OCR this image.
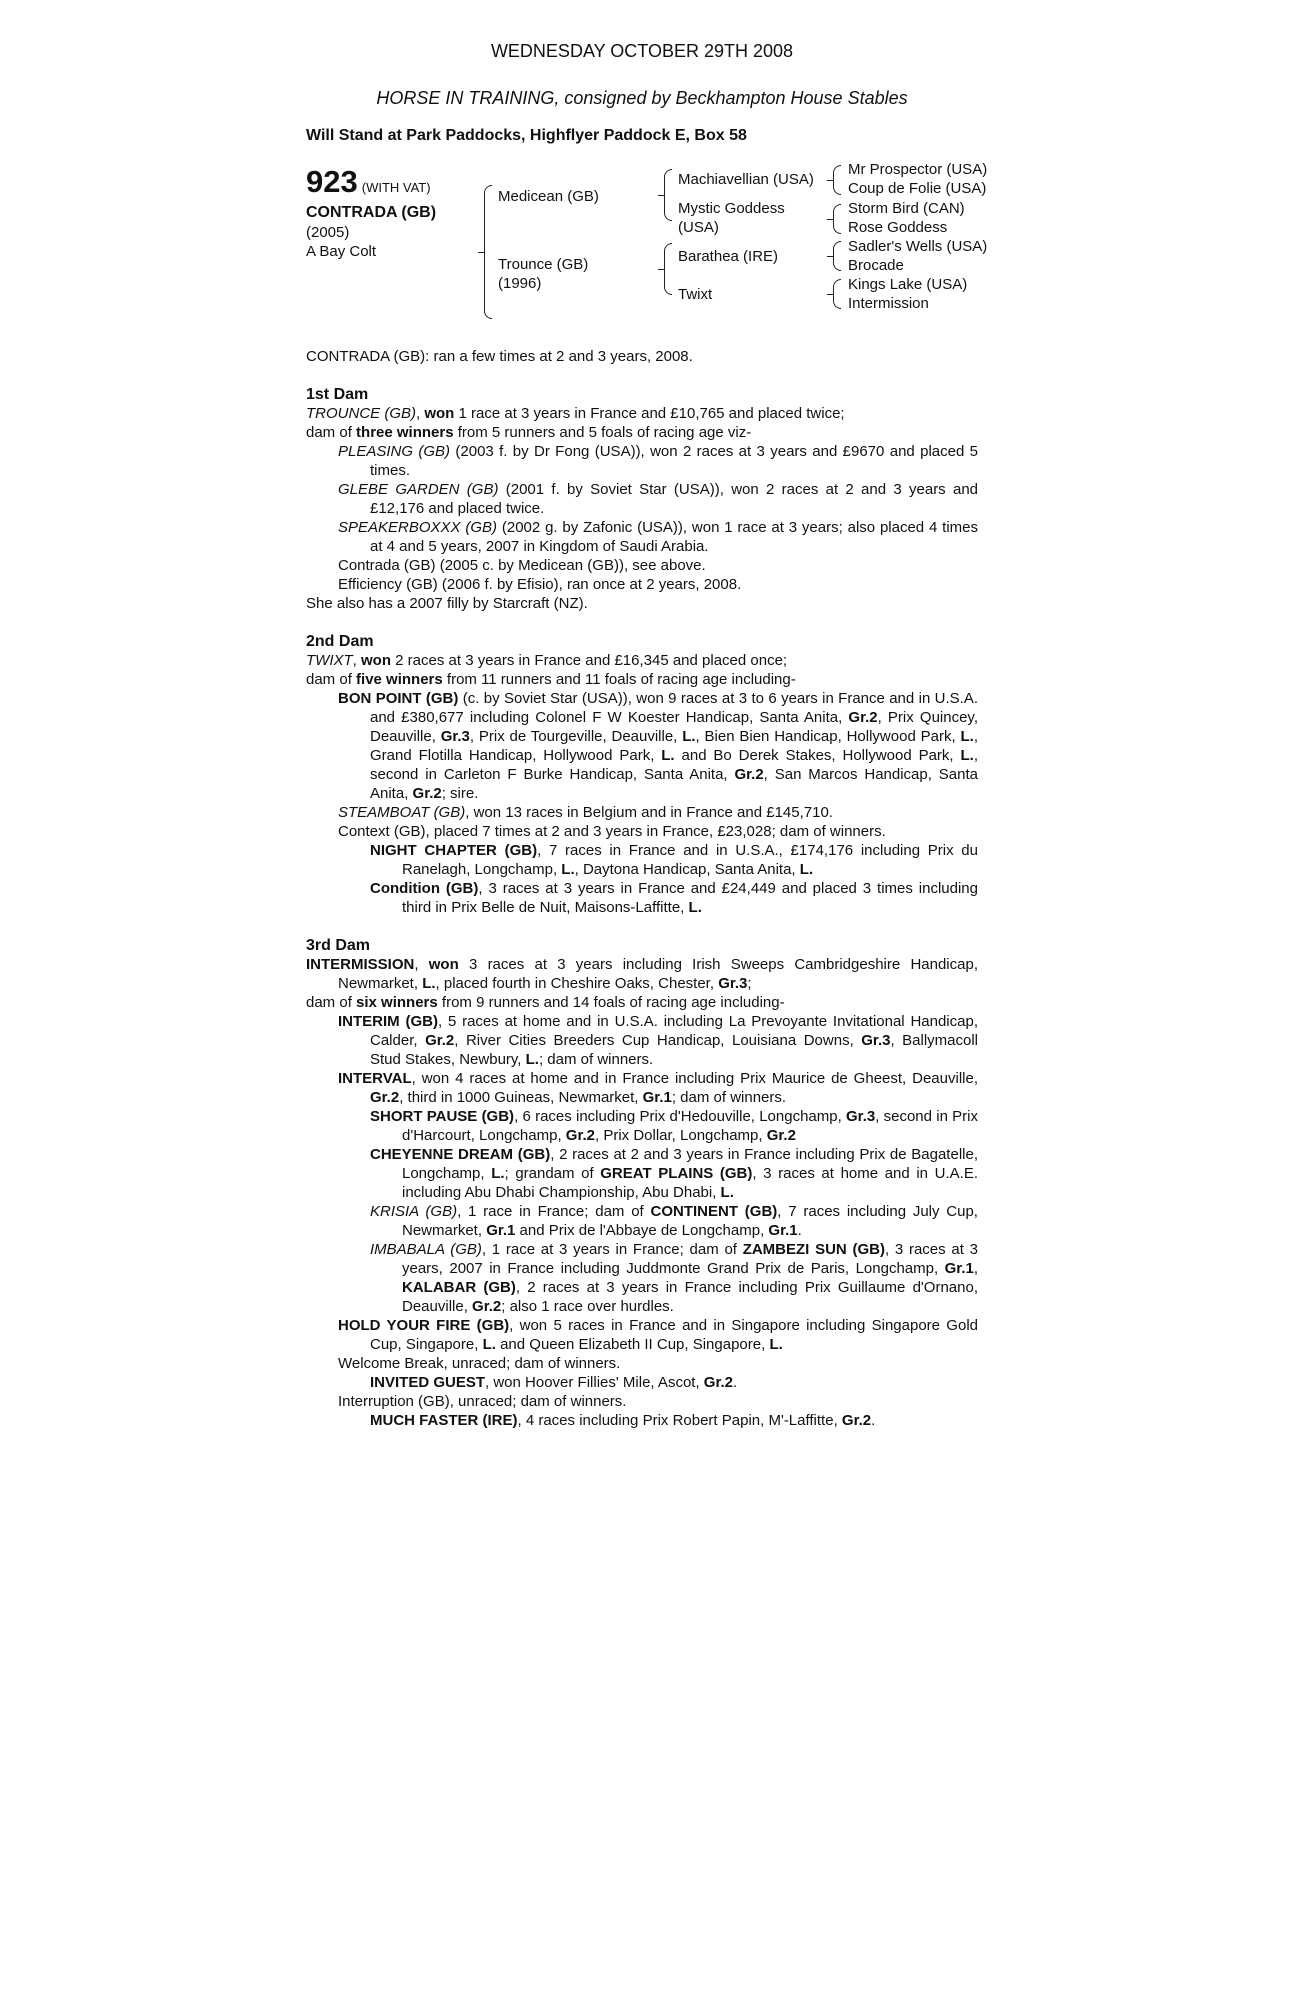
WEDNESDAY OCTOBER 29TH 2008
HORSE IN TRAINING, consigned by Beckhampton House Stables
Will Stand at Park Paddocks, Highflyer Paddock E, Box 58
923 (WITH VAT)
CONTRADA (GB)
(2005)
A Bay Colt
Medicean (GB)
Trounce (GB)
(1996)
Machiavellian (USA)
Mystic Goddess
(USA)
Barathea (IRE)
Twixt
Mr Prospector (USA)
Coup de Folie (USA)
Storm Bird (CAN)
Rose Goddess
Sadler's Wells (USA)
Brocade
Kings Lake (USA)
Intermission
CONTRADA (GB): ran a few times at 2 and 3 years, 2008.
1st Dam
TROUNCE (GB), won 1 race at 3 years in France and £10,765 and placed twice;
dam of three winners from 5 runners and 5 foals of racing age viz-
PLEASING (GB) (2003 f. by Dr Fong (USA)), won 2 races at 3 years and £9670 and placed 5 times.
GLEBE GARDEN (GB) (2001 f. by Soviet Star (USA)), won 2 races at 2 and 3 years and £12,176 and placed twice.
SPEAKERBOXXX (GB) (2002 g. by Zafonic (USA)), won 1 race at 3 years; also placed 4 times at 4 and 5 years, 2007 in Kingdom of Saudi Arabia.
Contrada (GB) (2005 c. by Medicean (GB)), see above.
Efficiency (GB) (2006 f. by Efisio), ran once at 2 years, 2008.
She also has a 2007 filly by Starcraft (NZ).
2nd Dam
TWIXT, won 2 races at 3 years in France and £16,345 and placed once;
dam of five winners from 11 runners and 11 foals of racing age including-
BON POINT (GB) (c. by Soviet Star (USA)), won 9 races at 3 to 6 years in France and in U.S.A. and £380,677 including Colonel F W Koester Handicap, Santa Anita, Gr.2, Prix Quincey, Deauville, Gr.3, Prix de Tourgeville, Deauville, L., Bien Bien Handicap, Hollywood Park, L., Grand Flotilla Handicap, Hollywood Park, L. and Bo Derek Stakes, Hollywood Park, L., second in Carleton F Burke Handicap, Santa Anita, Gr.2, San Marcos Handicap, Santa Anita, Gr.2; sire.
STEAMBOAT (GB), won 13 races in Belgium and in France and £145,710.
Context (GB), placed 7 times at 2 and 3 years in France, £23,028; dam of winners.
NIGHT CHAPTER (GB), 7 races in France and in U.S.A., £174,176 including Prix du Ranelagh, Longchamp, L., Daytona Handicap, Santa Anita, L.
Condition (GB), 3 races at 3 years in France and £24,449 and placed 3 times including third in Prix Belle de Nuit, Maisons-Laffitte, L.
3rd Dam
INTERMISSION, won 3 races at 3 years including Irish Sweeps Cambridgeshire Handicap, Newmarket, L., placed fourth in Cheshire Oaks, Chester, Gr.3;
dam of six winners from 9 runners and 14 foals of racing age including-
INTERIM (GB), 5 races at home and in U.S.A. including La Prevoyante Invitational Handicap, Calder, Gr.2, River Cities Breeders Cup Handicap, Louisiana Downs, Gr.3, Ballymacoll Stud Stakes, Newbury, L.; dam of winners.
INTERVAL, won 4 races at home and in France including Prix Maurice de Gheest, Deauville, Gr.2, third in 1000 Guineas, Newmarket, Gr.1; dam of winners.
SHORT PAUSE (GB), 6 races including Prix d'Hedouville, Longchamp, Gr.3, second in Prix d'Harcourt, Longchamp, Gr.2, Prix Dollar, Longchamp, Gr.2
CHEYENNE DREAM (GB), 2 races at 2 and 3 years in France including Prix de Bagatelle, Longchamp, L.; grandam of GREAT PLAINS (GB), 3 races at home and in U.A.E. including Abu Dhabi Championship, Abu Dhabi, L.
KRISIA (GB), 1 race in France; dam of CONTINENT (GB), 7 races including July Cup, Newmarket, Gr.1 and Prix de l'Abbaye de Longchamp, Gr.1.
IMBABALA (GB), 1 race at 3 years in France; dam of ZAMBEZI SUN (GB), 3 races at 3 years, 2007 in France including Juddmonte Grand Prix de Paris, Longchamp, Gr.1, KALABAR (GB), 2 races at 3 years in France including Prix Guillaume d'Ornano, Deauville, Gr.2; also 1 race over hurdles.
HOLD YOUR FIRE (GB), won 5 races in France and in Singapore including Singapore Gold Cup, Singapore, L. and Queen Elizabeth II Cup, Singapore, L.
Welcome Break, unraced; dam of winners.
INVITED GUEST, won Hoover Fillies' Mile, Ascot, Gr.2.
Interruption (GB), unraced; dam of winners.
MUCH FASTER (IRE), 4 races including Prix Robert Papin, M'-Laffitte, Gr.2.
